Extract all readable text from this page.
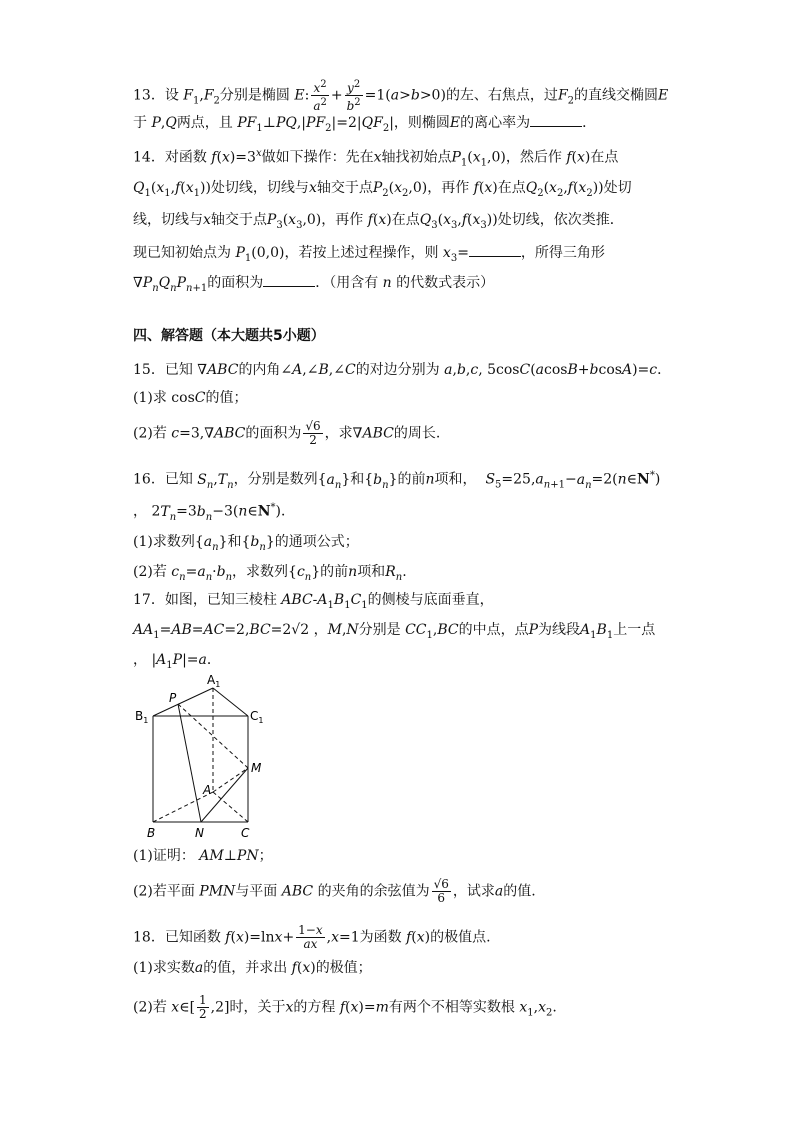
13．设 $F_1,F_2$分别是椭圆 E: $\frac{x^2}{a^2} + \frac{y^2}{b^2} =1(a>b>0)$的左、右焦点，过$F_2$的直线交椭圆E
于 P,Q两点，且 $PF_1\perp PQ,|PF_2|=2|QF_2|$，则椭圆E的离心率为	．
14．对函数 $f(x)=3^x$做如下操作：先在x轴找初始点$P_1(x_1,0)$，然后作 f(x)在点
$Q_1(x_1,f(x_1))$处切线，切线与x轴交于点$P_2(x_2,0)$，再作 f(x)在点$Q_2(x_2,f(x_2))$处切
线，切线与x轴交于点$P_3(x_3,0)$，再作 f(x)在点$Q_3(x_3,f(x_3))$处切线，依次类推．
现已知初始点为 $P_1(0,0)$，若按上述过程操作，则 $x_3=$	，所得三角形
$\nabla P_nQ_nP_{n+1}$的面积为	．（用含有 n 的代数式表示）
四、解答题（本大题共5小题）
15．已知 ∇ABC的内角∠A,∠B,∠C的对边分别为 a,b,c, 5cosC(acosB+bcosA)=c．
(1)求 cosC的值；
(2)若 c=3,∇ABC的面积为 $\frac{√6}{2}$ ，求∇ABC的周长.
16．已知 $S_n,T_n$，分别是数列$\{a_n\}$和$\{b_n\}$的前n项和， $S_5=25,a_{n+1}-a_n=2(n\in N^*)$
， $2T_n=3b_n-3(n\in N^*)$．
(1)求数列$\{a_n\}$和$\{b_n\}$的通项公式；
(2)若 $c_n=a_n\cdot b_n$，求数列$\{c_n\}$的前n项和$R_n$.
17．如图，已知三棱柱 ABC-$A_1B_1C_1$的侧棱与底面垂直，
$AA_1=AB=AC=2,BC=2√2$ ，M,N分别是 $CC_1,BC$的中点，点P为线段$A_1B_1$上一点
， $|A_1P|=a$．
$B_1$	$C_1$
$A_1$
P
M
A
B	N	C
(1)证明： AM⊥PN；
(2)若平面 PMN与平面 ABC 的夹角的余弦值为 $\frac{√6}{6}$ ，试求a的值.
18．已知函数 $f(x)=\ln x+ \frac{1-x}{ax} ,x=1$为函数 f(x)的极值点.
(1)求实数a的值，并求出 f(x)的极值；
(2)若 x∈[ $\frac{1}{2} ,2$]时，关于x的方程 f(x)=m有两个不相等实数根 $x_1,x_2$.
